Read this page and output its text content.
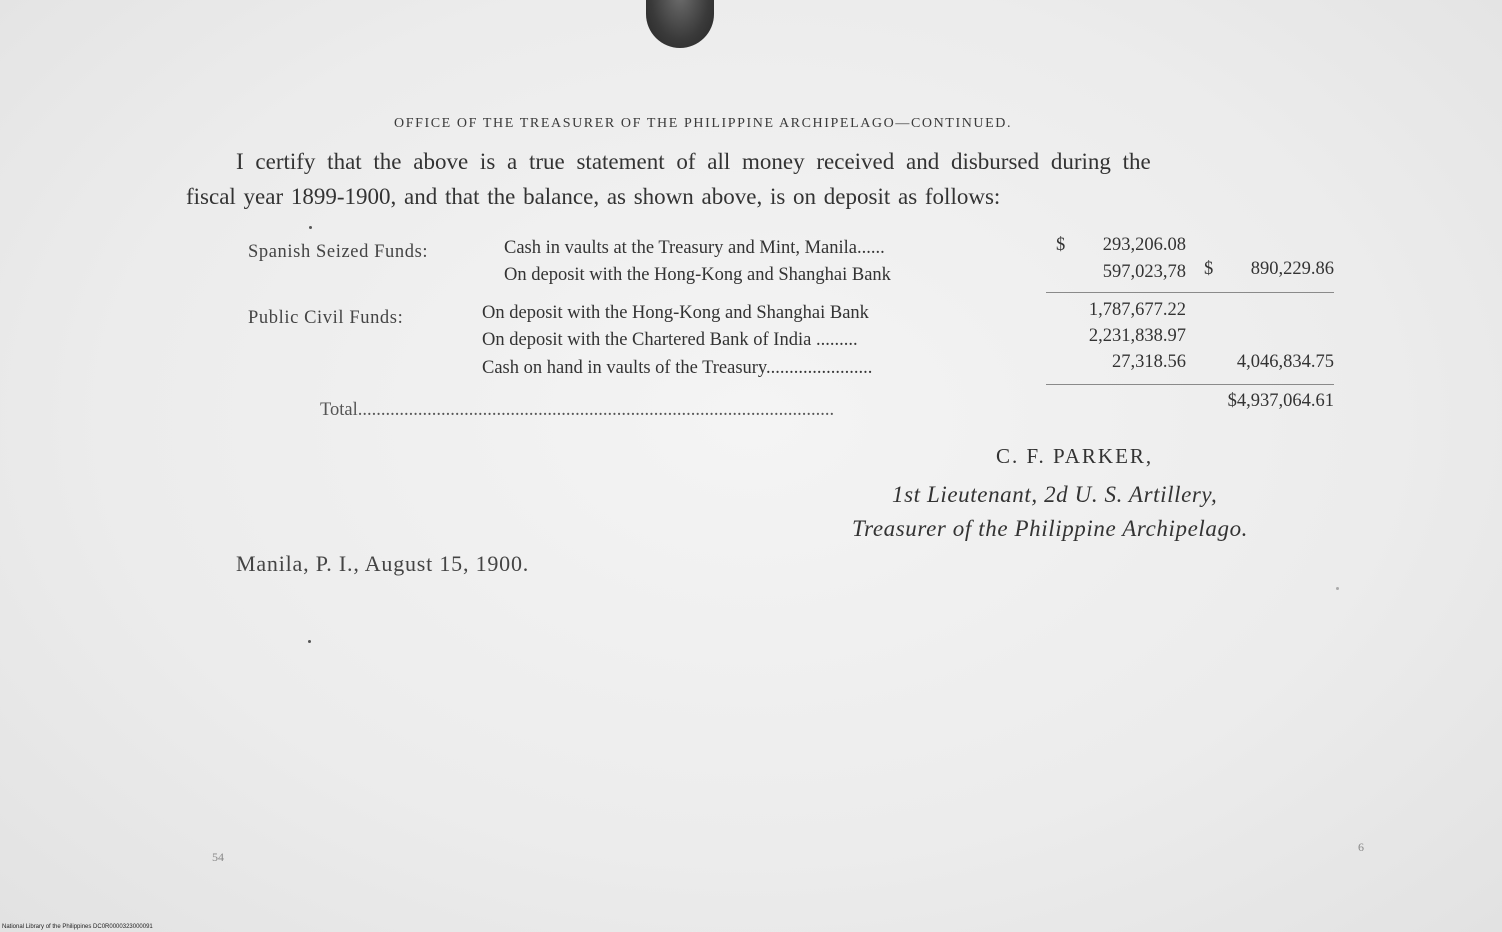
OFFICE OF THE TREASURER OF THE PHILIPPINE ARCHIPELAGO—CONTINUED.
I certify that the above is a true statement of all money received and disbursed during the
fiscal year 1899-1900, and that the balance, as shown above, is on deposit as follows:
Spanish Seized Funds:	Cash in vaults at the Treasury and Mint, Manila......	$	293,206.08
On deposit with the Hong-Kong and Shanghai Bank	597,023,78 $	890,229.86
Public Civil Funds:	On deposit with the Hong-Kong and Shanghai Bank	1,787,677.22
On deposit with the Chartered Bank of India .........	2,231,838.97
Cash on hand in vaults of the Treasury.......................	27,318.56	4,046,834.75
Total.......................................................................................................	$4,937,064.61
C. F. PARKER,
1st Lieutenant, 2d U. S. Artillery,
Treasurer of the Philippine Archipelago.
Manila, P. I., August 15, 1900.
54
6
National Library of the Philippines DC0R0000323000091
